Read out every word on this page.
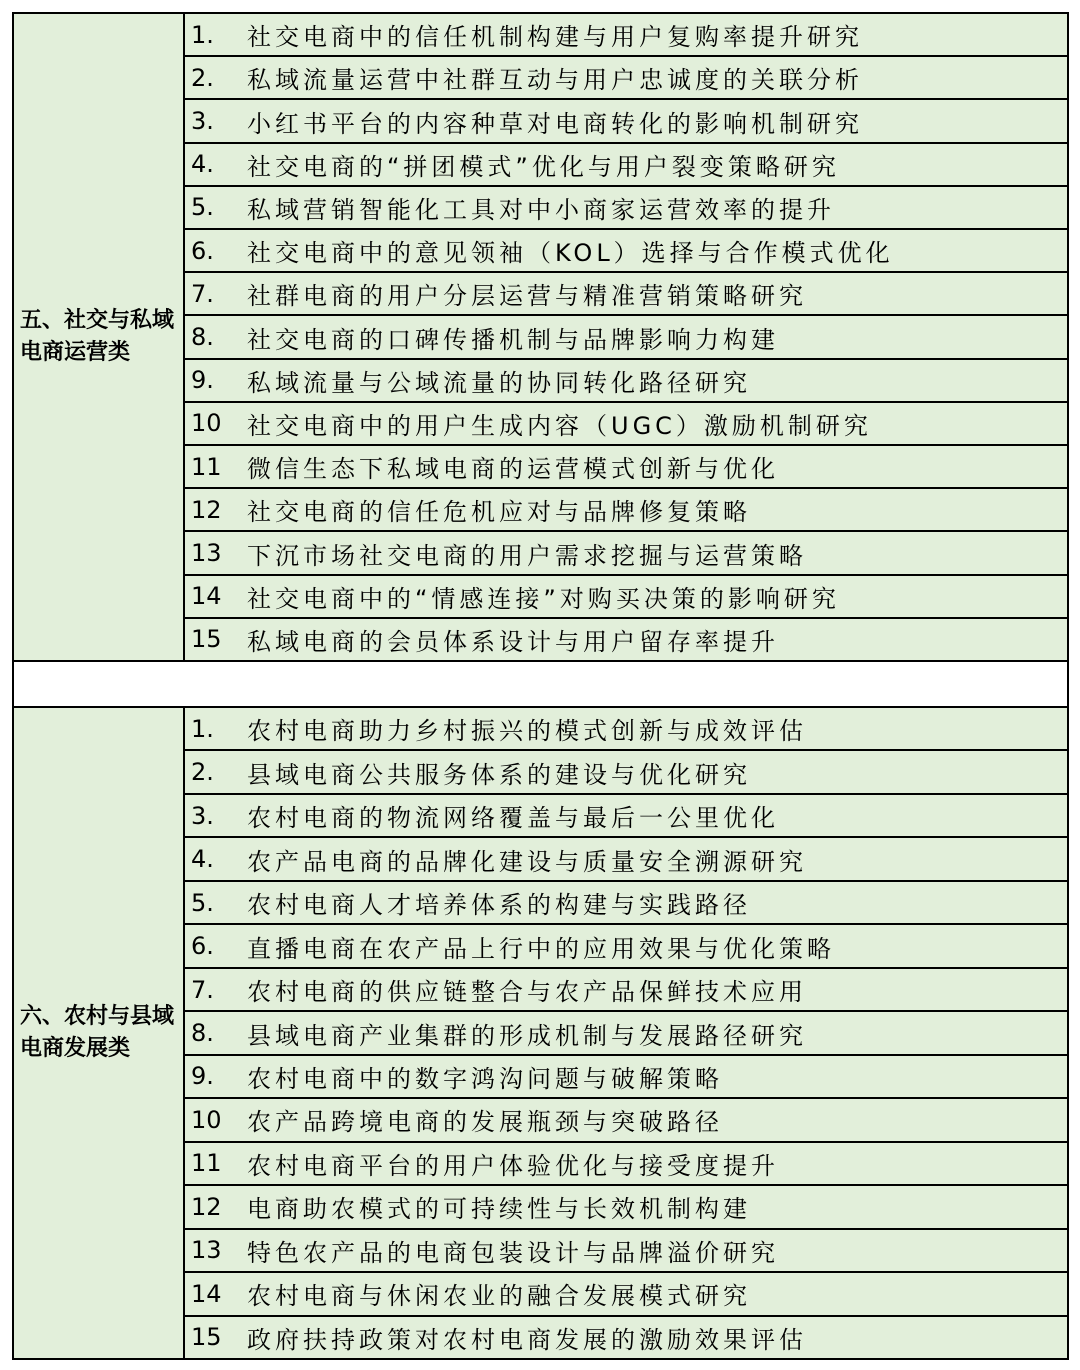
五、社交与私域电商运营类
1.	社交电商中的信任机制构建与用户复购率提升研究
2.	私域流量运营中社群互动与用户忠诚度的关联分析
3.	小红书平台的内容种草对电商转化的影响机制研究
4.	社交电商的“拼团模式”优化与用户裂变策略研究
5.	私域营销智能化工具对中小商家运营效率的提升
6.	社交电商中的意见领袖（KOL）选择与合作模式优化
7.	社群电商的用户分层运营与精准营销策略研究
8.	社交电商的口碑传播机制与品牌影响力构建
9.	私域流量与公域流量的协同转化路径研究
10	社交电商中的用户生成内容（UGC）激励机制研究
11	微信生态下私域电商的运营模式创新与优化
12	社交电商的信任危机应对与品牌修复策略
13	下沉市场社交电商的用户需求挖掘与运营策略
14	社交电商中的“情感连接”对购买决策的影响研究
15	私域电商的会员体系设计与用户留存率提升
六、农村与县域电商发展类
1.	农村电商助力乡村振兴的模式创新与成效评估
2.	县域电商公共服务体系的建设与优化研究
3.	农村电商的物流网络覆盖与最后一公里优化
4.	农产品电商的品牌化建设与质量安全溯源研究
5.	农村电商人才培养体系的构建与实践路径
6.	直播电商在农产品上行中的应用效果与优化策略
7.	农村电商的供应链整合与农产品保鲜技术应用
8.	县域电商产业集群的形成机制与发展路径研究
9.	农村电商中的数字鸿沟问题与破解策略
10	农产品跨境电商的发展瓶颈与突破路径
11	农村电商平台的用户体验优化与接受度提升
12	电商助农模式的可持续性与长效机制构建
13	特色农产品的电商包装设计与品牌溢价研究
14	农村电商与休闲农业的融合发展模式研究
15	政府扶持政策对农村电商发展的激励效果评估
